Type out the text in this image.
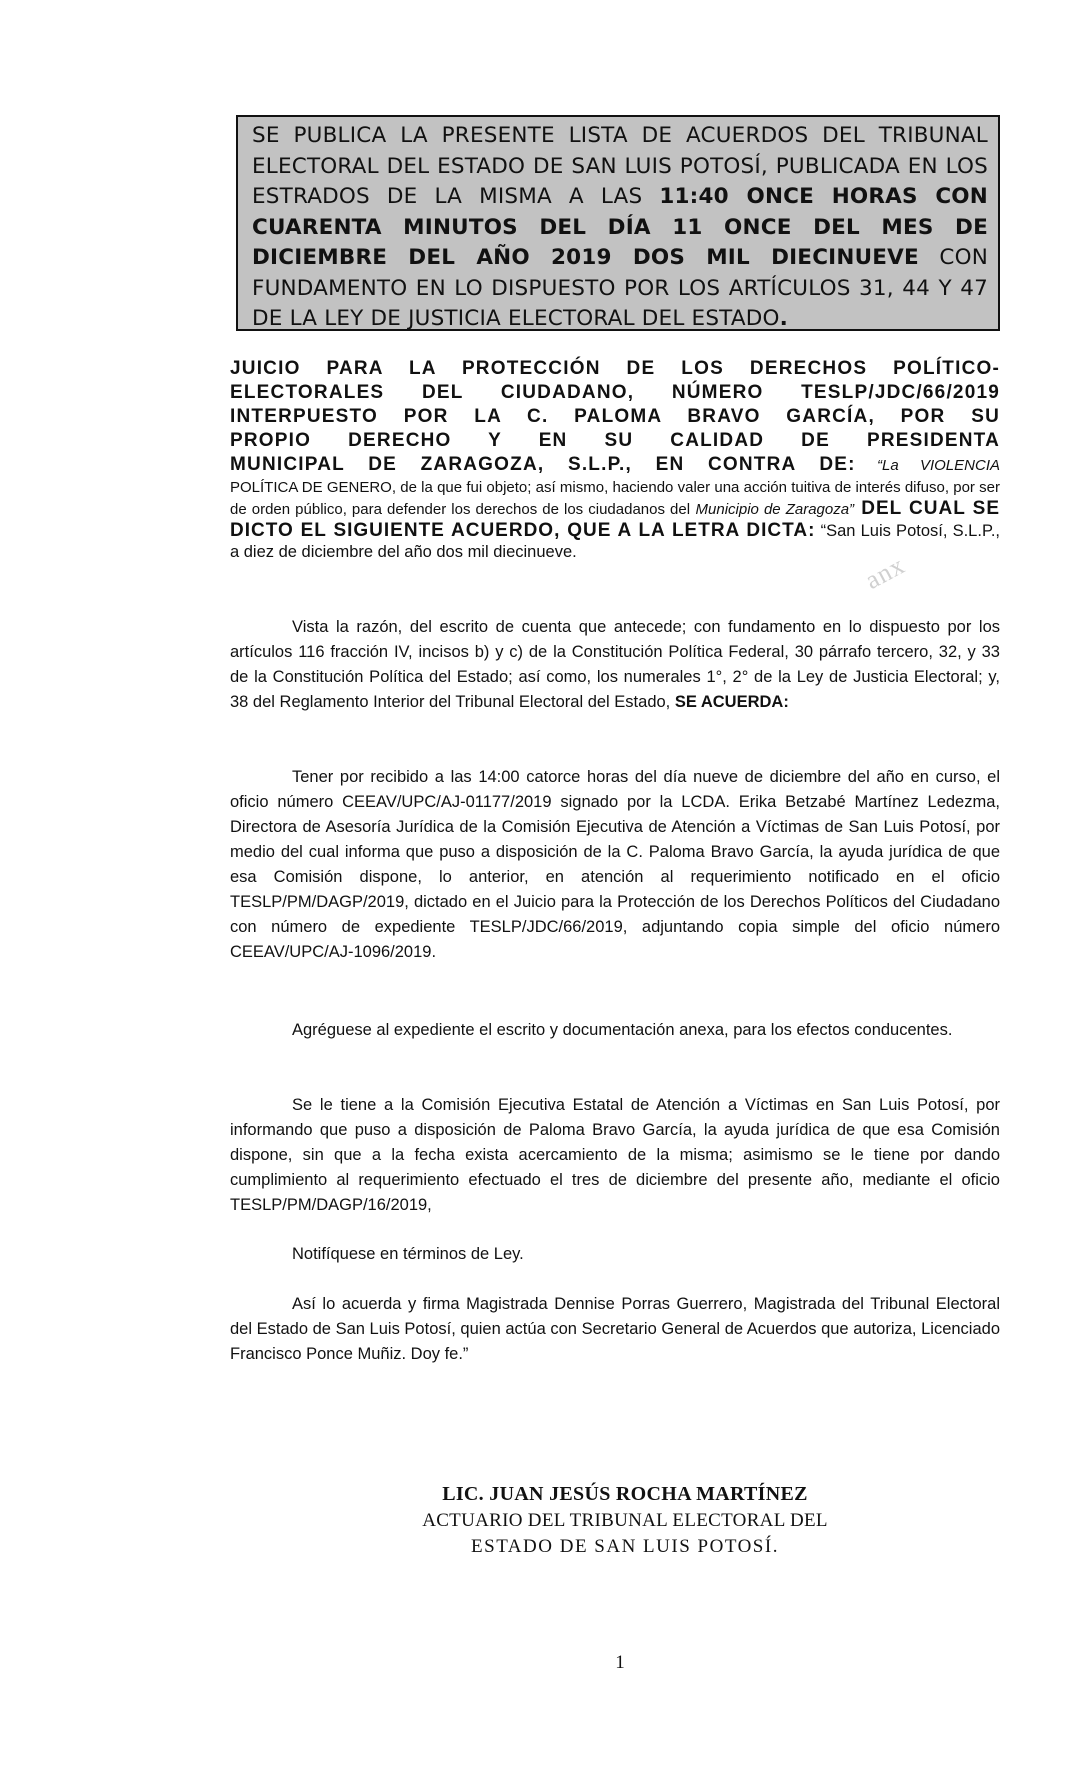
SE PUBLICA LA PRESENTE LISTA DE ACUERDOS DEL TRIBUNAL ELECTORAL DEL ESTADO DE SAN LUIS POTOSÍ, PUBLICADA EN LOS ESTRADOS DE LA MISMA A LAS 11:40 ONCE HORAS CON CUARENTA MINUTOS DEL DÍA 11 ONCE DEL MES DE DICIEMBRE DEL AÑO 2019 DOS MIL DIECINUEVE CON FUNDAMENTO EN LO DISPUESTO POR LOS ARTÍCULOS 31, 44 Y 47 DE LA LEY DE JUSTICIA ELECTORAL DEL ESTADO.
JUICIO PARA LA PROTECCIÓN DE LOS DERECHOS POLÍTICO-
ELECTORALES DEL CIUDADANO, NÚMERO TESLP/JDC/66/2019
INTERPUESTO POR LA C. PALOMA BRAVO GARCÍA, POR SU
PROPIO DERECHO Y EN SU CALIDAD DE PRESIDENTA
MUNICIPAL DE ZARAGOZA, S.L.P., EN CONTRA DE: “La VIOLENCIA
POLÍTICA DE GENERO, de la que fui objeto; así mismo, haciendo valer una acción tuitiva de interés difuso, por ser de orden público, para defender los derechos de los ciudadanos del Municipio de Zaragoza” DEL CUAL SE DICTO EL SIGUIENTE ACUERDO, QUE A LA LETRA DICTA: “San Luis Potosí, S.L.P., a diez de diciembre del año dos mil diecinueve.
Vista la razón, del escrito de cuenta que antecede; con fundamento en lo dispuesto por los artículos 116 fracción IV, incisos b) y c) de la Constitución Política Federal, 30 párrafo tercero, 32, y 33 de la Constitución Política del Estado; así como, los numerales 1°, 2° de la Ley de Justicia Electoral; y, 38 del Reglamento Interior del Tribunal Electoral del Estado, SE ACUERDA:
Tener por recibido a las 14:00 catorce horas del día nueve de diciembre del año en curso, el oficio número CEEAV/UPC/AJ-01177/2019 signado por la LCDA. Erika Betzabé Martínez Ledezma, Directora de Asesoría Jurídica de la Comisión Ejecutiva de Atención a Víctimas de San Luis Potosí, por medio del cual informa que puso a disposición de la C. Paloma Bravo García, la ayuda jurídica de que esa Comisión dispone, lo anterior, en atención al requerimiento notificado en el oficio TESLP/PM/DAGP/2019, dictado en el Juicio para la Protección de los Derechos Políticos del Ciudadano con número de expediente TESLP/JDC/66/2019, adjuntando copia simple del oficio número CEEAV/UPC/AJ-1096/2019.
Agréguese al expediente el escrito y documentación anexa, para los efectos conducentes.
Se le tiene a la Comisión Ejecutiva Estatal de Atención a Víctimas en San Luis Potosí, por informando que puso a disposición de Paloma Bravo García, la ayuda jurídica de que esa Comisión dispone, sin que a la fecha exista acercamiento de la misma; asimismo se le tiene por dando cumplimiento al requerimiento efectuado el tres de diciembre del presente año, mediante el oficio TESLP/PM/DAGP/16/2019,
Notifíquese en términos de Ley.
Así lo acuerda y firma Magistrada Dennise Porras Guerrero, Magistrada del Tribunal Electoral del Estado de San Luis Potosí, quien actúa con Secretario General de Acuerdos que autoriza, Licenciado Francisco Ponce Muñiz. Doy fe.”
anx
LIC. JUAN JESÚS ROCHA MARTÍNEZ
ACTUARIO DEL TRIBUNAL ELECTORAL DEL
ESTADO DE SAN LUIS POTOSÍ.
1
